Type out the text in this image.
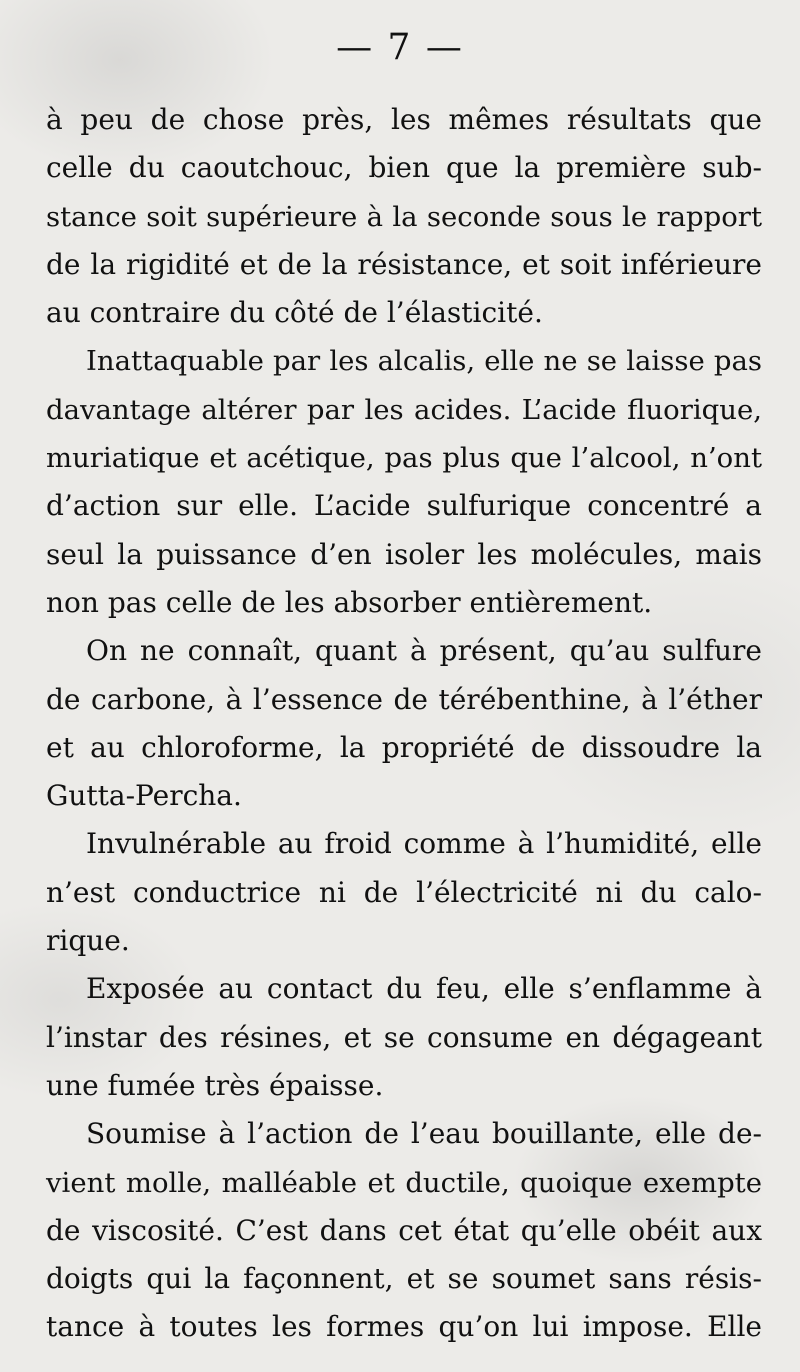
— 7 —
à peu de chose près, les mêmes résultats que
celle du caoutchouc, bien que la première sub-
stance soit supérieure à la seconde sous le rapport
de la rigidité et de la résistance, et soit inférieure
au contraire du côté de l’élasticité.
Inattaquable par les alcalis, elle ne se laisse pas
davantage altérer par les acides. L’acide fluorique,
muriatique et acétique, pas plus que l’alcool, n’ont
d’action sur elle. L’acide sulfurique concentré a
seul la puissance d’en isoler les molécules, mais
non pas celle de les absorber entièrement.
On ne connaît, quant à présent, qu’au sulfure
de carbone, à l’essence de térébenthine, à l’éther
et au chloroforme, la propriété de dissoudre la
Gutta-Percha.
Invulnérable au froid comme à l’humidité, elle
n’est conductrice ni de l’électricité ni du calo-
rique.
Exposée au contact du feu, elle s’enflamme à
l’instar des résines, et se consume en dégageant
une fumée très épaisse.
Soumise à l’action de l’eau bouillante, elle de-
vient molle, malléable et ductile, quoique exempte
de viscosité. C’est dans cet état qu’elle obéit aux
doigts qui la façonnent, et se soumet sans résis-
tance à toutes les formes qu’on lui impose. Elle
